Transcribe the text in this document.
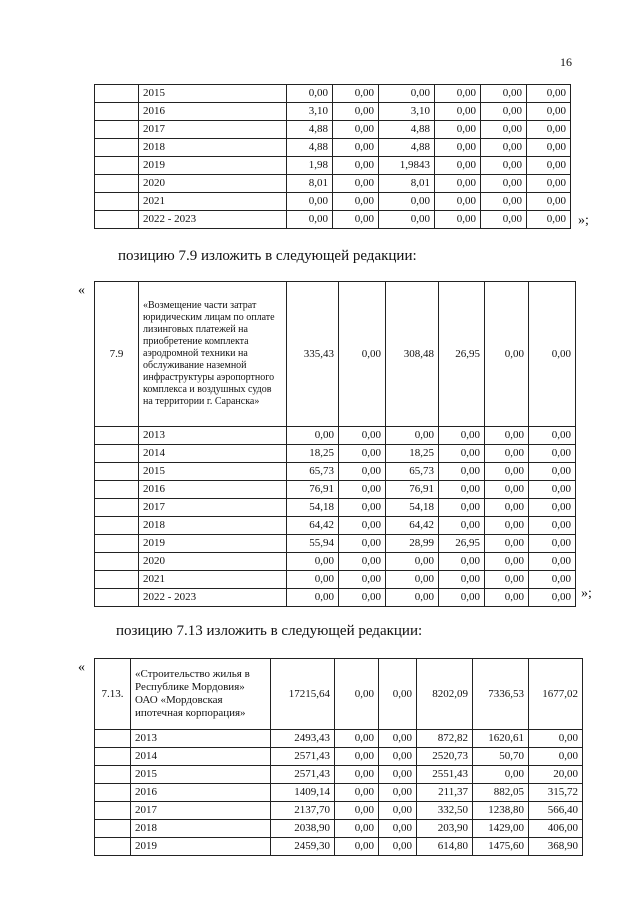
16
	2015	0,00	0,00	0,00	0,00	0,00	0,00
	2016	3,10	0,00	3,10	0,00	0,00	0,00
	2017	4,88	0,00	4,88	0,00	0,00	0,00
	2018	4,88	0,00	4,88	0,00	0,00	0,00
	2019	1,98	0,00	1,9843	0,00	0,00	0,00
	2020	8,01	0,00	8,01	0,00	0,00	0,00
	2021	0,00	0,00	0,00	0,00	0,00	0,00
	2022 - 2023	0,00	0,00	0,00	0,00	0,00	0,00 »;
позицию 7.9 изложить в следующей редакции:
«
7.9	«Возмещение части затрат юридическим лицам по оплате лизинговых платежей на приобретение комплекта аэродромной техники на обслуживание наземной инфраструктуры аэропортного комплекса и воздушных судов на территории г. Саранска»	335,43	0,00	308,48	26,95	0,00	0,00
	2013	0,00	0,00	0,00	0,00	0,00	0,00
	2014	18,25	0,00	18,25	0,00	0,00	0,00
	2015	65,73	0,00	65,73	0,00	0,00	0,00
	2016	76,91	0,00	76,91	0,00	0,00	0,00
	2017	54,18	0,00	54,18	0,00	0,00	0,00
	2018	64,42	0,00	64,42	0,00	0,00	0,00
	2019	55,94	0,00	28,99	26,95	0,00	0,00
	2020	0,00	0,00	0,00	0,00	0,00	0,00
	2021	0,00	0,00	0,00	0,00	0,00	0,00
	2022 - 2023	0,00	0,00	0,00	0,00	0,00	0,00 »;
позицию 7.13 изложить в следующей редакции:
«
7.13.	«Строительство жилья в Республике Мордовия» ОАО «Мордовская ипотечная корпорация»	17215,64	0,00	0,00	8202,09	7336,53	1677,02
	2013	2493,43	0,00	0,00	872,82	1620,61	0,00
	2014	2571,43	0,00	0,00	2520,73	50,70	0,00
	2015	2571,43	0,00	0,00	2551,43	0,00	20,00
	2016	1409,14	0,00	0,00	211,37	882,05	315,72
	2017	2137,70	0,00	0,00	332,50	1238,80	566,40
	2018	2038,90	0,00	0,00	203,90	1429,00	406,00
	2019	2459,30	0,00	0,00	614,80	1475,60	368,90
